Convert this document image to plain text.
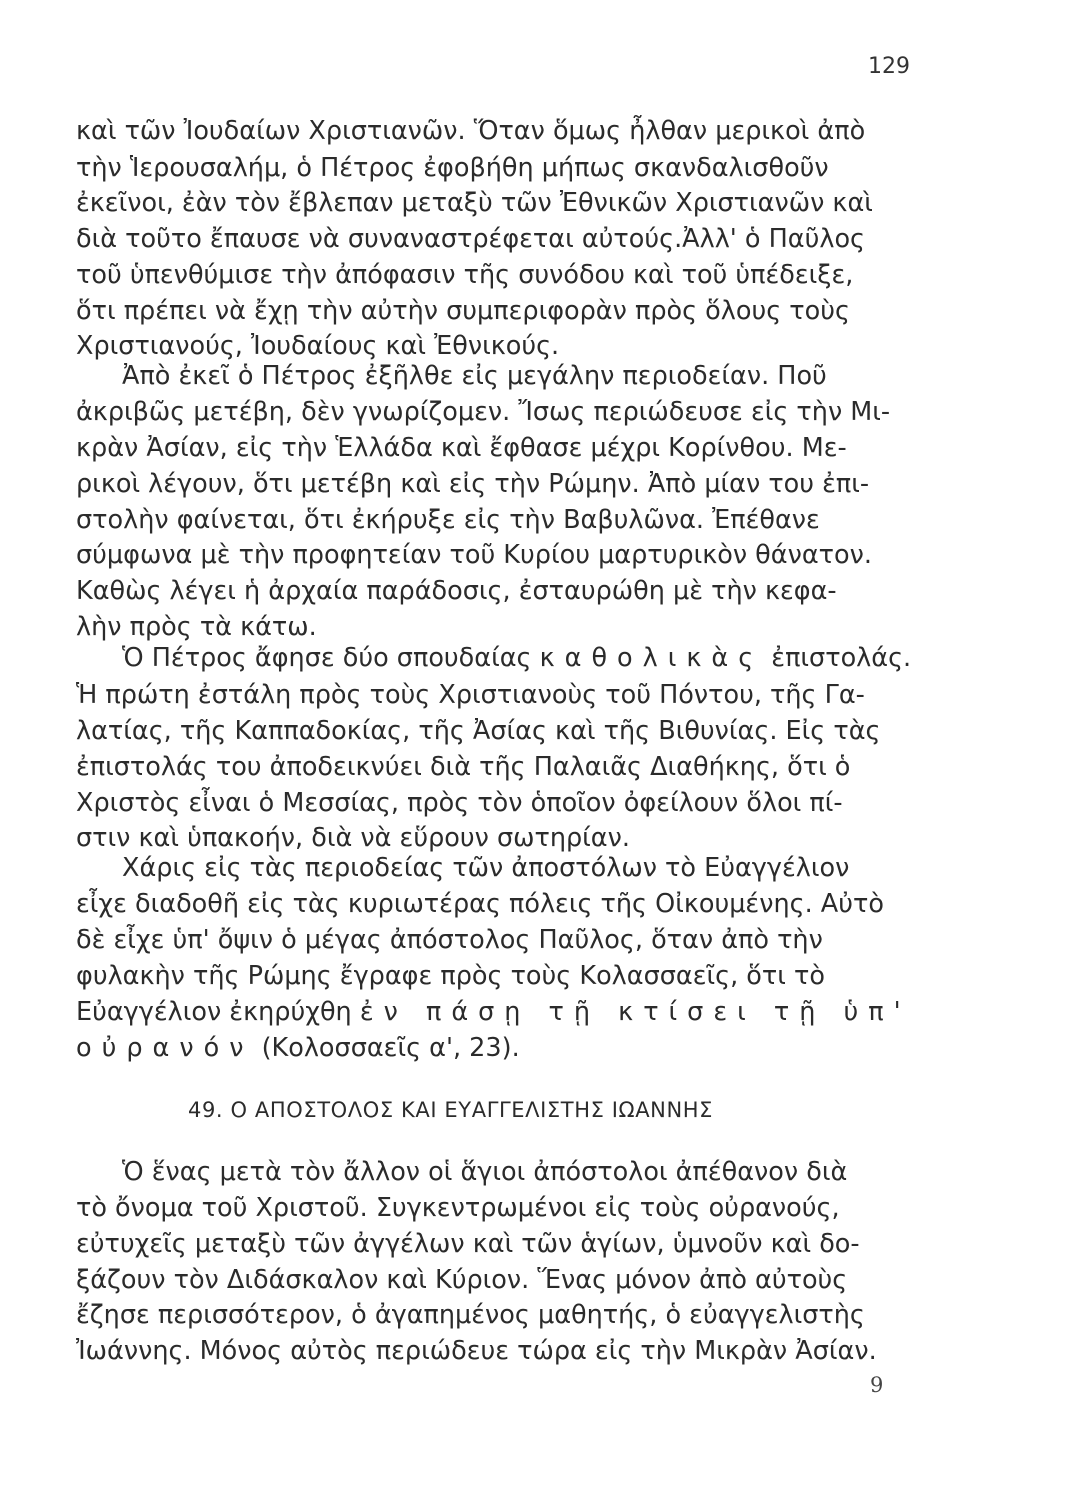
129
καὶ τῶν Ἰουδαίων Χριστιανῶν. Ὅταν ὅμως ἦλθαν μερικοὶ ἀπὸ
τὴν Ἱερουσαλήμ, ὁ Πέτρος ἐφοβήθη μήπως σκανδαλισθοῦν
ἐκεῖνοι, ἐὰν τὸν ἔβλεπαν μεταξὺ τῶν Ἐθνικῶν Χριστιανῶν καὶ
διὰ τοῦτο ἔπαυσε νὰ συναναστρέφεται αὐτούς.Ἀλλ' ὁ Παῦλος
τοῦ ὑπενθύμισε τὴν ἀπόφασιν τῆς συνόδου καὶ τοῦ ὑπέδειξε,
ὅτι πρέπει νὰ ἔχῃ τὴν αὐτὴν συμπεριφορὰν πρὸς ὅλους τοὺς
Χριστιανούς, Ἰουδαίους καὶ Ἐθνικούς.
Ἀπὸ ἐκεῖ ὁ Πέτρος ἐξῆλθε εἰς μεγάλην περιοδείαν. Ποῦ
ἀκριβῶς μετέβη, δὲν γνωρίζομεν. Ἴσως περιώδευσε εἰς τὴν Μι-
κρὰν Ἀσίαν, εἰς τὴν Ἑλλάδα καὶ ἔφθασε μέχρι Κορίνθου. Με-
ρικοὶ λέγουν, ὅτι μετέβη καὶ εἰς τὴν Ρώμην. Ἀπὸ μίαν του ἐπι-
στολὴν φαίνεται, ὅτι ἐκήρυξε εἰς τὴν Βαβυλῶνα. Ἐπέθανε
σύμφωνα μὲ τὴν προφητείαν τοῦ Κυρίου μαρτυρικὸν θάνατον.
Καθὼς λέγει ἡ ἀρχαία παράδοσις, ἐσταυρώθη μὲ τὴν κεφα-
λὴν πρὸς τὰ κάτω.
Ὁ Πέτρος ἄφησε δύο σπουδαίας καθολικὰς ἐπιστολάς.
Ἡ πρώτη ἐστάλη πρὸς τοὺς Χριστιανοὺς τοῦ Πόντου, τῆς Γα-
λατίας, τῆς Καππαδοκίας, τῆς Ἀσίας καὶ τῆς Βιθυνίας. Εἰς τὰς
ἐπιστολάς του ἀποδεικνύει διὰ τῆς Παλαιᾶς Διαθήκης, ὅτι ὁ
Χριστὸς εἶναι ὁ Μεσσίας, πρὸς τὸν ὁποῖον ὀφείλουν ὅλοι πί-
στιν καὶ ὑπακοήν, διὰ νὰ εὕρουν σωτηρίαν.
Χάρις εἰς τὰς περιοδείας τῶν ἀποστόλων τὸ Εὐαγγέλιον
εἶχε διαδοθῆ εἰς τὰς κυριωτέρας πόλεις τῆς Οἰκουμένης. Αὐτὸ
δὲ εἶχε ὑπ' ὄψιν ὁ μέγας ἀπόστολος Παῦλος, ὅταν ἀπὸ τὴν
φυλακὴν τῆς Ρώμης ἔγραφε πρὸς τοὺς Κολασσαεῖς, ὅτι τὸ
Εὐαγγέλιον ἐκηρύχθη ἐν πάσῃ τῇ κτίσει τῇ ὑπ'
οὐρανόν (Κολοσσαεῖς α', 23).
49. Ο ΑΠΟΣΤΟΛΟΣ ΚΑΙ ΕΥΑΓΓΕΛΙΣΤΗΣ ΙΩΑΝΝΗΣ
Ὁ ἕνας μετὰ τὸν ἄλλον οἱ ἅγιοι ἀπόστολοι ἀπέθανον διὰ
τὸ ὄνομα τοῦ Χριστοῦ. Συγκεντρωμένοι εἰς τοὺς οὐρανούς,
εὐτυχεῖς μεταξὺ τῶν ἀγγέλων καὶ τῶν ἁγίων, ὑμνοῦν καὶ δο-
ξάζουν τὸν Διδάσκαλον καὶ Κύριον. Ἕνας μόνον ἀπὸ αὐτοὺς
ἔζησε περισσότερον, ὁ ἀγαπημένος μαθητής, ὁ εὐαγγελιστὴς
Ἰωάννης. Μόνος αὐτὸς περιώδευε τώρα εἰς τὴν Μικρὰν Ἀσίαν.
9
